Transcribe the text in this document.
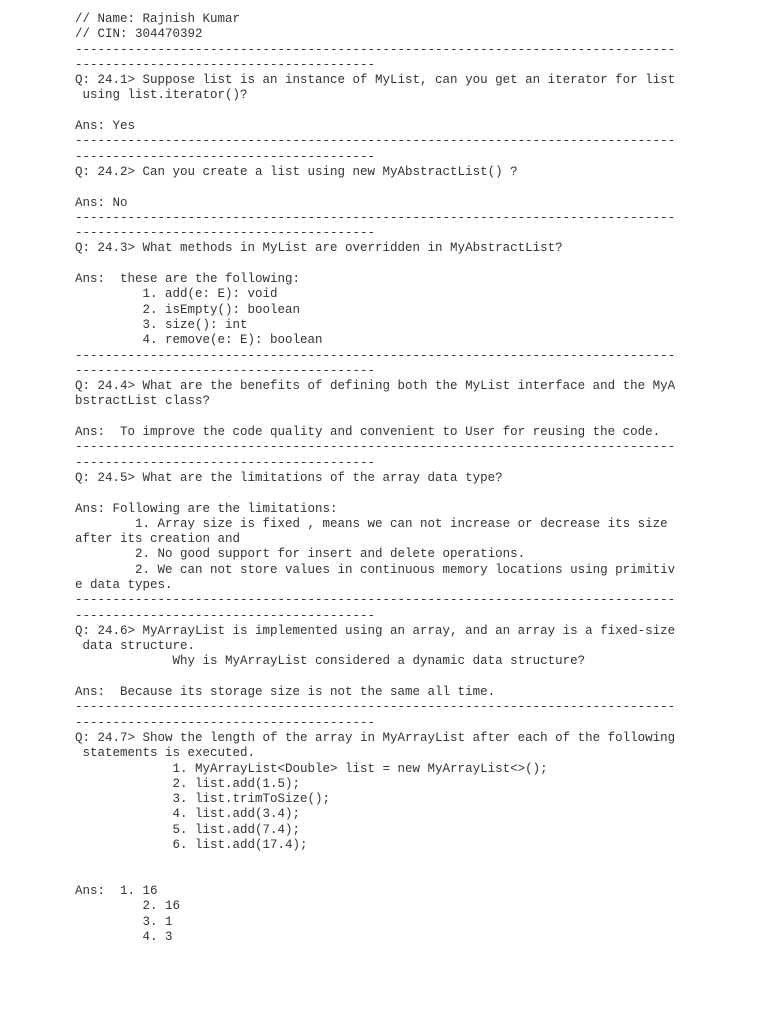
// Name: Rajnish Kumar
// CIN: 304470392
--------------------------------------------------------------------------------
----------------------------------------
Q: 24.1> Suppose list is an instance of MyList, can you get an iterator for list
using list.iterator()?
Ans: Yes
--------------------------------------------------------------------------------
----------------------------------------
Q: 24.2> Can you create a list using new MyAbstractList() ?
Ans: No
--------------------------------------------------------------------------------
----------------------------------------
Q: 24.3> What methods in MyList are overridden in MyAbstractList?
Ans:  these are the following:
1. add(e: E): void
2. isEmpty(): boolean
3. size(): int
4. remove(e: E): boolean
--------------------------------------------------------------------------------
----------------------------------------
Q: 24.4> What are the benefits of defining both the MyList interface and the MyA
bstractList class?
Ans:  To improve the code quality and convenient to User for reusing the code.
--------------------------------------------------------------------------------
----------------------------------------
Q: 24.5> What are the limitations of the array data type?
Ans: Following are the limitations:
1. Array size is fixed , means we can not increase or decrease its size
after its creation and
2. No good support for insert and delete operations.
2. We can not store values in continuous memory locations using primitiv
e data types.
--------------------------------------------------------------------------------
----------------------------------------
Q: 24.6> MyArrayList is implemented using an array, and an array is a fixed-size
data structure.
Why is MyArrayList considered a dynamic data structure?
Ans:  Because its storage size is not the same all time.
--------------------------------------------------------------------------------
----------------------------------------
Q: 24.7> Show the length of the array in MyArrayList after each of the following
statements is executed.
1. MyArrayList<Double> list = new MyArrayList<>();
2. list.add(1.5);
3. list.trimToSize();
4. list.add(3.4);
5. list.add(7.4);
6. list.add(17.4);
Ans:  1. 16
2. 16
3. 1
4. 3
